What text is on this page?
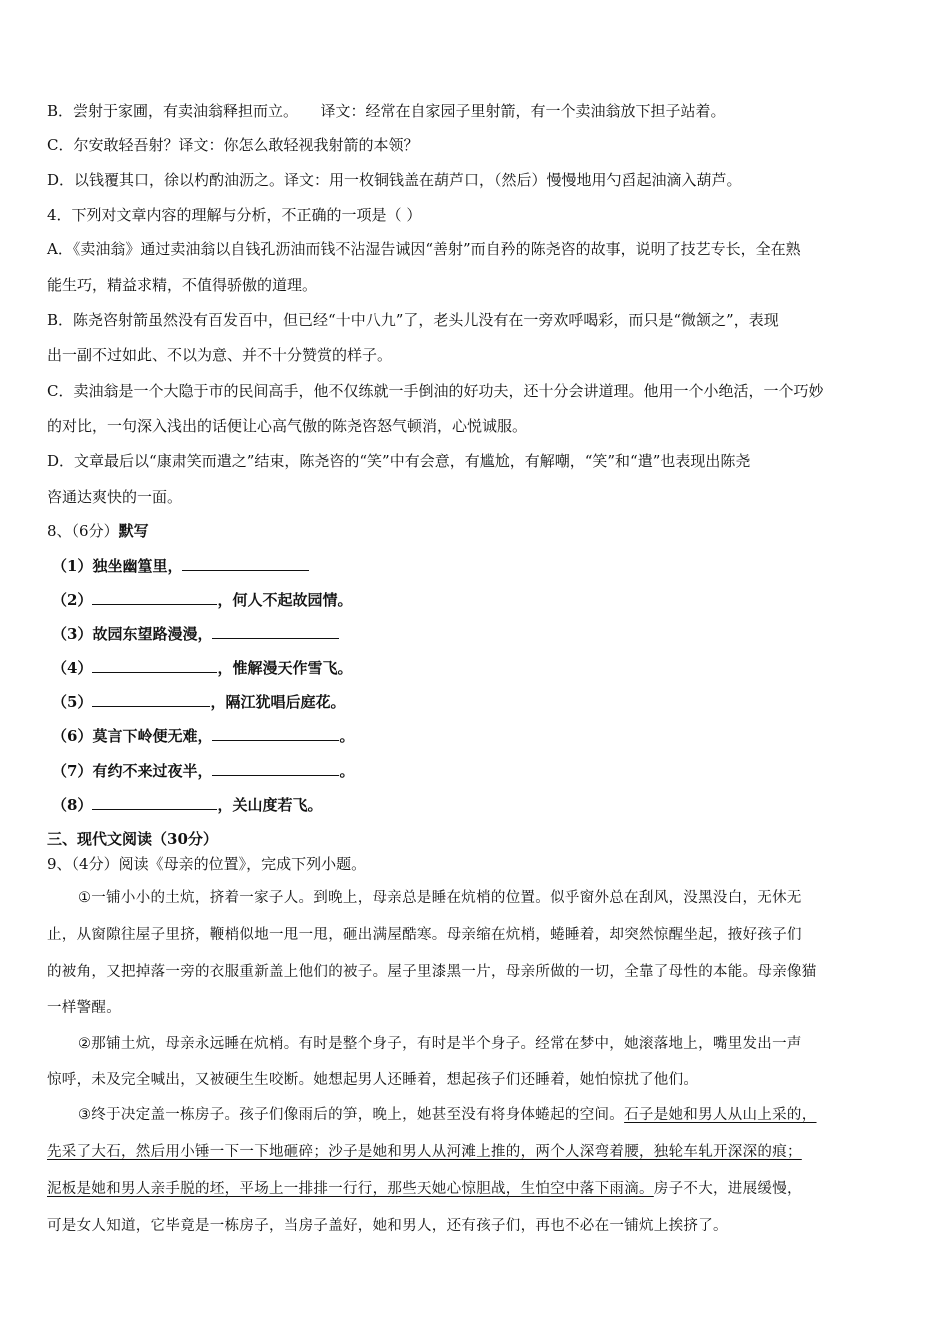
B．尝射于家圃，有卖油翁释担而立。　　译文：经常在自家园子里射箭，有一个卖油翁放下担子站着。
C．尔安敢轻吾射？译文：你怎么敢轻视我射箭的本领？
D．以钱覆其口，徐以杓酌油沥之。译文：用一枚铜钱盖在葫芦口，（然后）慢慢地用勺舀起油滴入葫芦。
4．下列对文章内容的理解与分析，不正确的一项是（ ）
A．《卖油翁》通过卖油翁以自钱孔沥油而钱不沾湿告诫因“善射”而自矜的陈尧咨的故事，说明了技艺专长，全在熟
能生巧，精益求精，不值得骄傲的道理。
B．陈尧咨射箭虽然没有百发百中，但已经“十中八九”了，老头儿没有在一旁欢呼喝彩，而只是“微颔之”，表现
出一副不过如此、不以为意、并不十分赞赏的样子。
C．卖油翁是一个大隐于市的民间高手，他不仅练就一手倒油的好功夫，还十分会讲道理。他用一个小绝活，一个巧妙
的对比，一句深入浅出的话便让心高气傲的陈尧咨怒气顿消，心悦诚服。
D．文章最后以“康肃笑而遣之”结束，陈尧咨的“笑”中有会意，有尴尬，有解嘲，“笑”和“遣”也表现出陈尧
咨通达爽快的一面。
8、（6分）默写
（1）独坐幽篁里，
（2）	，何人不起故园情。
（3）故园东望路漫漫，
（4）	，惟解漫天作雪飞。
（5）	，隔江犹唱后庭花。
（6）莫言下岭便无难，	。
（7）有约不来过夜半，	。
（8）	，关山度若飞。
三、现代文阅读（30分）
9、（4分）阅读《母亲的位置》，完成下列小题。
①一铺小小的土炕，挤着一家子人。到晚上，母亲总是睡在炕梢的位置。似乎窗外总在刮风，没黑没白，无休无
止，从窗隙往屋子里挤，鞭梢似地一甩一甩，砸出满屋酷寒。母亲缩在炕梢，蜷睡着，却突然惊醒坐起，掖好孩子们
的被角，又把掉落一旁的衣服重新盖上他们的被子。屋子里漆黑一片，母亲所做的一切，全靠了母性的本能。母亲像猫
一样警醒。
②那铺土炕，母亲永远睡在炕梢。有时是整个身子，有时是半个身子。经常在梦中，她滚落地上，嘴里发出一声
惊呼，未及完全喊出，又被硬生生咬断。她想起男人还睡着，想起孩子们还睡着，她怕惊扰了他们。
③终于决定盖一栋房子。孩子们像雨后的笋，晚上，她甚至没有将身体蜷起的空间。石子是她和男人从山上采的，
先采了大石，然后用小锤一下一下地砸碎；沙子是她和男人从河滩上推的，两个人深弯着腰，独轮车轧开深深的痕；
泥板是她和男人亲手脱的坯，平场上一排排一行行，那些天她心惊胆战，生怕空中落下雨滴。房子不大，进展缓慢，
可是女人知道，它毕竟是一栋房子，当房子盖好，她和男人，还有孩子们，再也不必在一铺炕上挨挤了。
